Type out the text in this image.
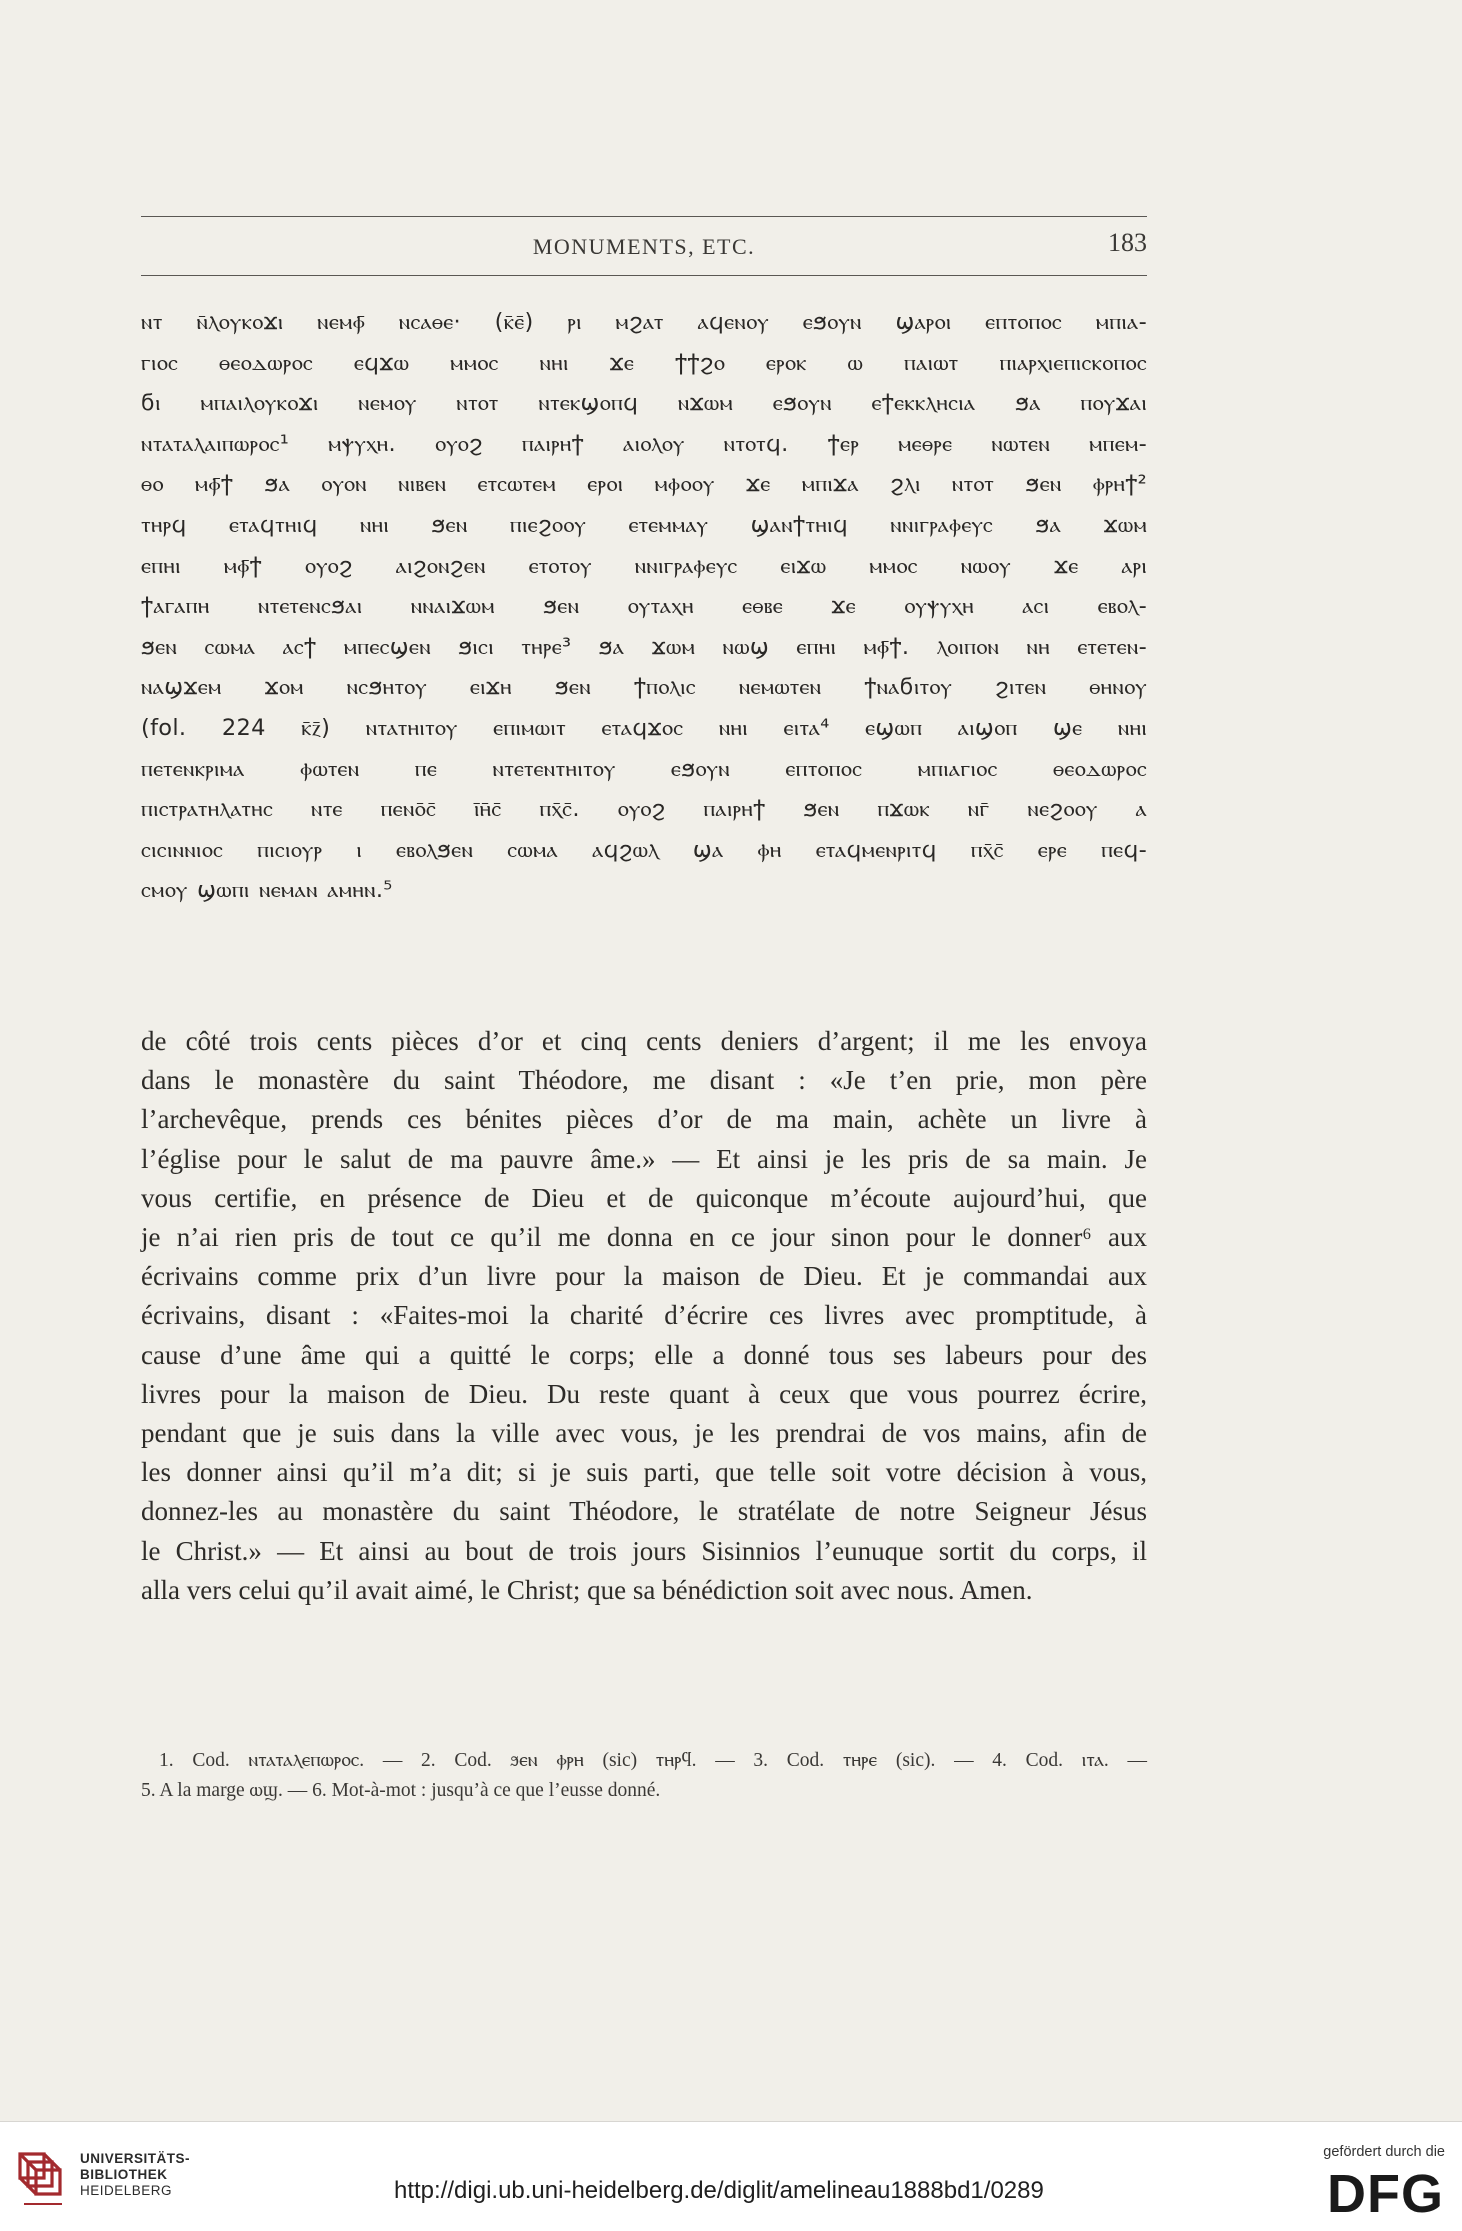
MONUMENTS, ETC.	183
ⲛⲧ ⲛ̄ⲗⲟⲩⲕⲟϫⲓ ⲛⲉⲙⲫ̄ ⲛⲥⲁⲑⲉ· (ⲕ̄ⲉ̄) ⲣⲓ ⲙϩⲁⲧ ⲁϥⲉⲛⲟⲩ ⲉϧⲟⲩⲛ ϣⲁⲣⲟⲓ ⲉⲡⲧⲟⲡⲟⲥ ⲙⲡⲓⲁ-
ⲅⲓⲟⲥ ⲑⲉⲟⲇⲱⲣⲟⲥ ⲉϥϫⲱ ⲙⲙⲟⲥ ⲛⲏⲓ ϫⲉ ϯϯϩⲟ ⲉⲣⲟⲕ ⲱ ⲡⲁⲓⲱⲧ ⲡⲓⲁⲣⲭⲓⲉⲡⲓⲥⲕⲟⲡⲟⲥ
ϭⲓ ⲙⲡⲁⲓⲗⲟⲩⲕⲟϫⲓ ⲛⲉⲙⲟⲩ ⲛⲧⲟⲧ ⲛⲧⲉⲕϣⲟⲡϥ ⲛϫⲱⲙ ⲉϧⲟⲩⲛ ⲉϯⲉⲕⲕⲗⲏⲥⲓⲁ ϧⲁ ⲡⲟⲩϫⲁⲓ
ⲛⲧⲁⲧⲁⲗⲁⲓⲡⲱⲣⲟⲥ¹ ⲙⲯⲩⲭⲏ. ⲟⲩⲟϩ ⲡⲁⲓⲣⲏϯ ⲁⲓⲟⲗⲟⲩ ⲛⲧⲟⲧϥ. ϯⲉⲣ ⲙⲉⲑⲣⲉ ⲛⲱⲧⲉⲛ ⲙⲡⲉⲙ-
ⲑⲟ ⲙⲫ̄ϯ ϧⲁ ⲟⲩⲟⲛ ⲛⲓⲃⲉⲛ ⲉⲧⲥⲱⲧⲉⲙ ⲉⲣⲟⲓ ⲙⲫⲟⲟⲩ ϫⲉ ⲙⲡⲓϫⲁ ϩⲗⲓ ⲛⲧⲟⲧ ϧⲉⲛ ⲫⲣⲏϯ²
ⲧⲏⲣϥ ⲉⲧⲁϥⲧⲏⲓϥ ⲛⲏⲓ ϧⲉⲛ ⲡⲓⲉϩⲟⲟⲩ ⲉⲧⲉⲙⲙⲁⲩ ϣⲁⲛϯⲧⲏⲓϥ ⲛⲛⲓⲅⲣⲁⲫⲉⲩⲥ ϧⲁ ϫⲱⲙ
ⲉⲡⲏⲓ ⲙⲫ̄ϯ ⲟⲩⲟϩ ⲁⲓϩⲟⲛϩⲉⲛ ⲉⲧⲟⲧⲟⲩ ⲛⲛⲓⲅⲣⲁⲫⲉⲩⲥ ⲉⲓϫⲱ ⲙⲙⲟⲥ ⲛⲱⲟⲩ ϫⲉ ⲁⲣⲓ
ϯⲁⲅⲁⲡⲏ ⲛⲧⲉⲧⲉⲛⲥϧⲁⲓ ⲛⲛⲁⲓϫⲱⲙ ϧⲉⲛ ⲟⲩⲧⲁⲭⲏ ⲉⲑⲃⲉ ϫⲉ ⲟⲩⲯⲩⲭⲏ ⲁⲥⲓ ⲉⲃⲟⲗ-
ϧⲉⲛ ⲥⲱⲙⲁ ⲁⲥϯ ⲙⲡⲉⲥϣⲉⲛ ϧⲓⲥⲓ ⲧⲏⲣⲉ³ ϧⲁ ϫⲱⲙ ⲛⲱϣ ⲉⲡⲏⲓ ⲙⲫ̄ϯ. ⲗⲟⲓⲡⲟⲛ ⲛⲏ ⲉⲧⲉⲧⲉⲛ-
ⲛⲁϣϫⲉⲙ ϫⲟⲙ ⲛⲥϧⲏⲧⲟⲩ ⲉⲓϫⲏ ϧⲉⲛ ϯⲡⲟⲗⲓⲥ ⲛⲉⲙⲱⲧⲉⲛ ϯⲛⲁϭⲓⲧⲟⲩ ϩⲓⲧⲉⲛ ⲑⲏⲛⲟⲩ
(fol. 224 ⲕ̄ⲍ̄) ⲛⲧⲁⲧⲏⲓⲧⲟⲩ ⲉⲡⲓⲙⲱⲓⲧ ⲉⲧⲁϥϫⲟⲥ ⲛⲏⲓ ⲉⲓⲧⲁ⁴ ⲉϣⲱⲡ ⲁⲓϣⲟⲡ ϣⲉ ⲛⲏⲓ
ⲡⲉⲧⲉⲛⲕⲣⲓⲙⲁ ⲫⲱⲧⲉⲛ ⲡⲉ ⲛⲧⲉⲧⲉⲛⲧⲏⲓⲧⲟⲩ ⲉϧⲟⲩⲛ ⲉⲡⲧⲟⲡⲟⲥ ⲙⲡⲓⲁⲅⲓⲟⲥ ⲑⲉⲟⲇⲱⲣⲟⲥ
ⲡⲓⲥⲧⲣⲁⲧⲏⲗⲁⲧⲏⲥ ⲛⲧⲉ ⲡⲉⲛⲟ̄ⲥ̄ ⲓ̄ⲏ̄ⲥ̄ ⲡⲭ̄ⲥ̄. ⲟⲩⲟϩ ⲡⲁⲓⲣⲏϯ ϧⲉⲛ ⲡϫⲱⲕ ⲛⲅ̄ ⲛⲉϩⲟⲟⲩ ⲁ
ⲥⲓⲥⲓⲛⲛⲓⲟⲥ ⲡⲓⲥⲓⲟⲩⲣ ⲓ ⲉⲃⲟⲗϧⲉⲛ ⲥⲱⲙⲁ ⲁϥϩⲱⲗ ϣⲁ ⲫⲏ ⲉⲧⲁϥⲙⲉⲛⲣⲓⲧϥ ⲡⲭ̄ⲥ̄ ⲉⲣⲉ ⲡⲉϥ-
ⲥⲙⲟⲩ ϣⲱⲡⲓ ⲛⲉⲙⲁⲛ ⲁⲙⲏⲛ.⁵
de côté trois cents pièces d’or et cinq cents deniers d’argent; il me les envoya
dans le monastère du saint Théodore, me disant : «Je t’en prie, mon père
l’archevêque, prends ces bénites pièces d’or de ma main, achète un livre à
l’église pour le salut de ma pauvre âme.» — Et ainsi je les pris de sa main. Je
vous certifie, en présence de Dieu et de quiconque m’écoute aujourd’hui, que
je n’ai rien pris de tout ce qu’il me donna en ce jour sinon pour le donner⁶ aux
écrivains comme prix d’un livre pour la maison de Dieu. Et je commandai aux
écrivains, disant : «Faites-moi la charité d’écrire ces livres avec promptitude, à
cause d’une âme qui a quitté le corps; elle a donné tous ses labeurs pour des
livres pour la maison de Dieu. Du reste quant à ceux que vous pourrez écrire,
pendant que je suis dans la ville avec vous, je les prendrai de vos mains, afin de
les donner ainsi qu’il m’a dit; si je suis parti, que telle soit votre décision à vous,
donnez-les au monastère du saint Théodore, le stratélate de notre Seigneur Jésus
le Christ.» — Et ainsi au bout de trois jours Sisinnios l’eunuque sortit du corps, il
alla vers celui qu’il avait aimé, le Christ; que sa bénédiction soit avec nous. Amen.
1. Cod. ⲛⲧⲁⲧⲁⲗⲉⲡⲱⲣⲟⲥ. — 2. Cod. ϧⲉⲛ ⲫⲣⲏ (sic) ⲧⲏⲣϥ. — 3. Cod. ⲧⲏⲣⲉ (sic). — 4. Cod. ⲓⲧⲁ. —
5. A la marge ⲱϣ. — 6. Mot-à-mot : jusqu’à ce que l’eusse donné.
UNIVERSITÄTS-
BIBLIOTHEK
HEIDELBERG	http://digi.ub.uni-heidelberg.de/diglit/amelineau1888bd1/0289
gefördert durch die
DFG
